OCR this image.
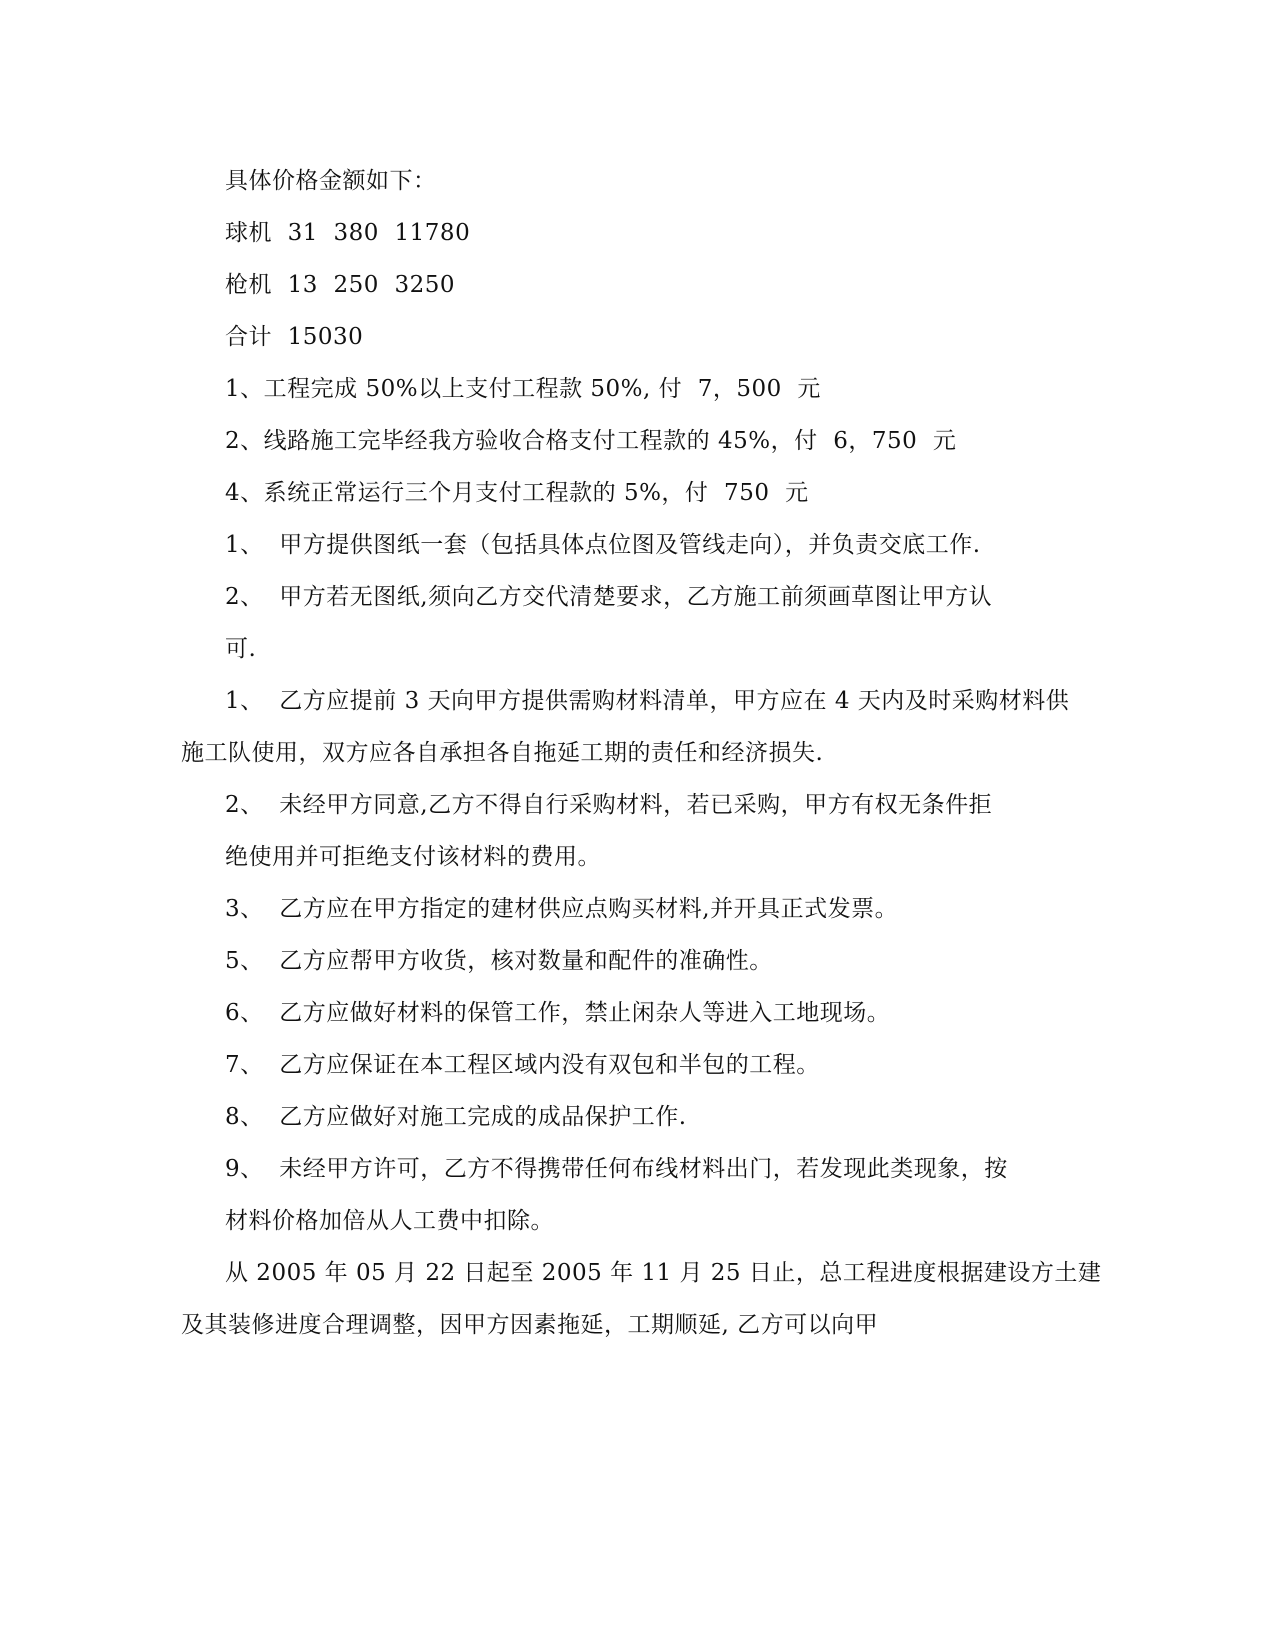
具体价格金额如下：
球机  31  380  11780
枪机  13  250  3250
合计  15030
1、工程完成 50%以上支付工程款 50%, 付  7，500  元
2、线路施工完毕经我方验收合格支付工程款的 45%，付  6，750  元
4、系统正常运行三个月支付工程款的 5%，付  750  元
1、  甲方提供图纸一套（包括具体点位图及管线走向），并负责交底工作.
2、  甲方若无图纸,须向乙方交代清楚要求，乙方施工前须画草图让甲方认
可.
1、  乙方应提前 3 天向甲方提供需购材料清单，甲方应在 4 天内及时采购材料供
施工队使用，双方应各自承担各自拖延工期的责任和经济损失.
2、  未经甲方同意,乙方不得自行采购材料，若已采购，甲方有权无条件拒
绝使用并可拒绝支付该材料的费用。
3、  乙方应在甲方指定的建材供应点购买材料,并开具正式发票。
5、  乙方应帮甲方收货，核对数量和配件的准确性。
6、  乙方应做好材料的保管工作，禁止闲杂人等进入工地现场。
7、  乙方应保证在本工程区域内没有双包和半包的工程。
8、  乙方应做好对施工完成的成品保护工作.
9、  未经甲方许可，乙方不得携带任何布线材料出门，若发现此类现象，按
材料价格加倍从人工费中扣除。
从 2005 年 05 月 22 日起至 2005 年 11 月 25 日止，总工程进度根据建设方土建
及其装修进度合理调整，因甲方因素拖延，工期顺延, 乙方可以向甲
